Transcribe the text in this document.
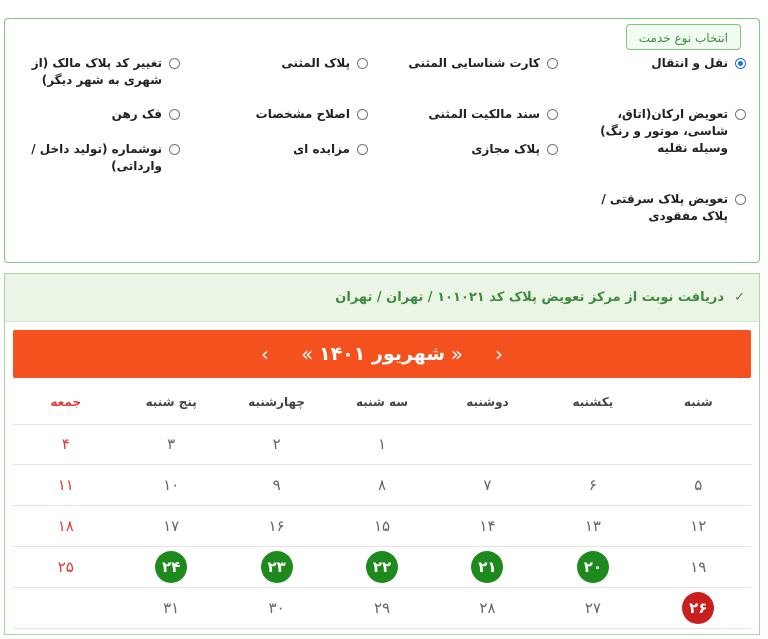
انتخاب نوع خدمت
نقل و انتقال
کارت شناسایی المثنی
پلاک المثنی
تغییر کد پلاک مالک (از شهری به شهر دیگر)
تعویض ارکان(اتاق، شاسی، موتور و رنگ) وسیله نقلیه
سند مالکیت المثنی
اصلاح مشخصات
فک رهن
پلاک مجازی
مزایده ای
نوشماره (تولید داخل / وارداتی)
تعویض پلاک سرقتی / پلاک مفقودی
✓
دریافت نوبت از مرکز تعویض پلاک کد ۱۰۱۰۲۱ / تهران / تهران
‹
«
شهریور ۱۴۰۱
»
›
شنبه
یکشنبه
دوشنبه
سه شنبه
چهارشنبه
پنج شنبه
جمعه
۱
۲
۳
۴
۵
۶
۷
۸
۹
۱۰
۱۱
۱۲
۱۳
۱۴
۱۵
۱۶
۱۷
۱۸
۱۹
۲۰
۲۱
۲۲
۲۳
۲۴
۲۵
۲۶
۲۷
۲۸
۲۹
۳۰
۳۱
